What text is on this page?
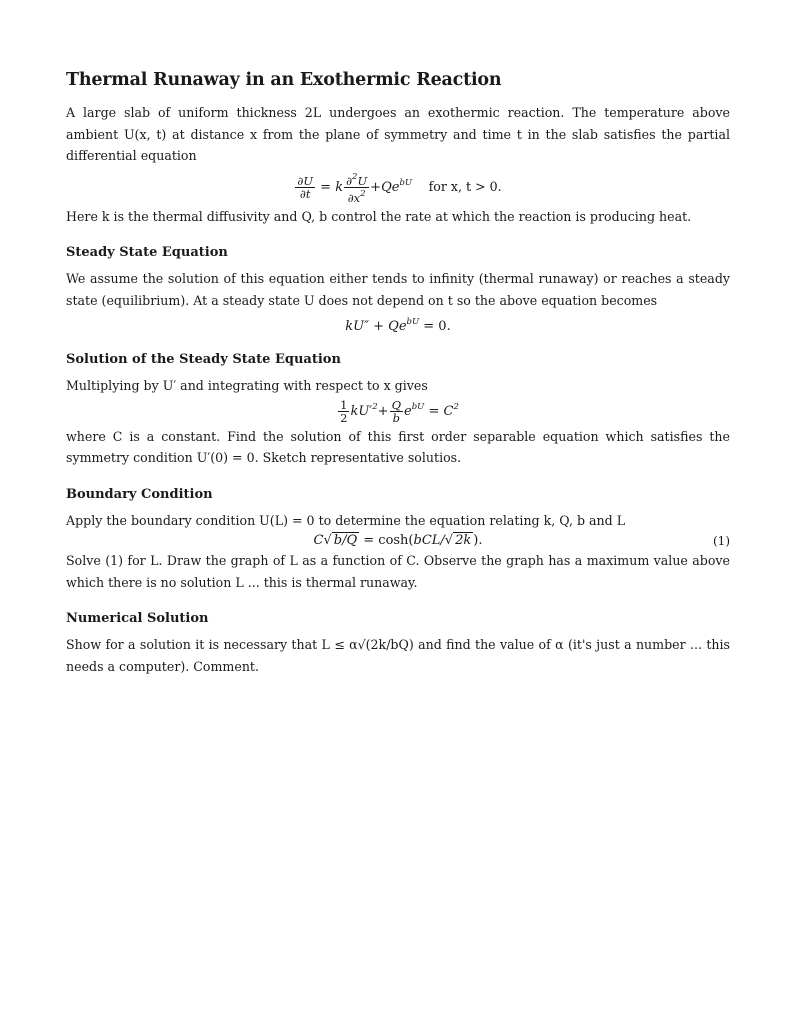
Thermal Runaway in an Exothermic Reaction

A large slab of uniform thickness 2L undergoes an exothermic reaction. The temperature above ambient U(x, t) at distance x from the plane of symmetry and time t in the slab satisfies the partial differential equation

$\frac{\partial U}{\partial t} = k \frac{\partial^2U}{\partial x^2} +Qe^{bU}$ for x, t > 0.

Here k is the thermal diffusivity and Q, b control the rate at which the reaction is producing heat.

Steady State Equation

We assume the solution of this equation either tends to infinity (thermal runaway) or reaches a steady state (equilibrium). At a steady state U does not depend on t so the above equation becomes

$kU'' + Qe^{bU} = 0$.
Solution of the Steady State Equation

Multiplying by U′ and integrating with respect to x gives

$\frac{1}{2} kU'^2+ \frac{Q}{b} e^{bU} = C^2$

where C is a constant. Find the solution of this first order separable equation which satisfies the symmetry condition U′(0) = 0. Sketch representative solutios.

Boundary Condition

Apply the boundary condition U(L) = 0 to determine the equation relating k, Q, b and L

C√ b/Q = cosh(bCL/√ 2k ).	(1)

Solve (1) for L. Draw the graph of L as a function of C. Observe the graph has a maximum value above which there is no solution L ... this is thermal runaway.

Numerical Solution

Show for a solution it is necessary that L ≤ α√(2k/bQ) and find the value of α (it's just a number ... this needs a computer). Comment.
